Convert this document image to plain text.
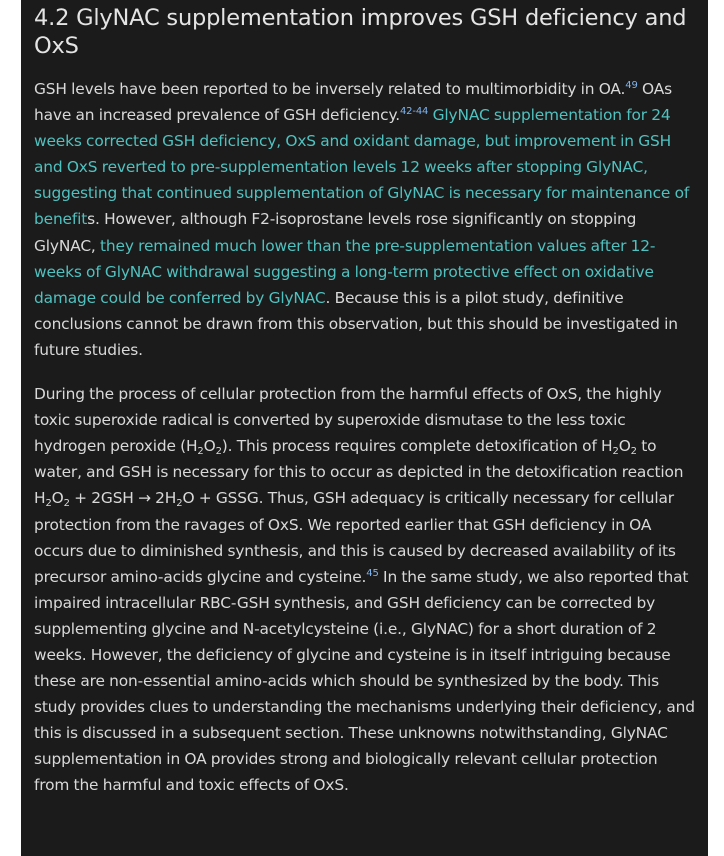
4.2 GlyNAC supplementation improves GSH deficiency and OxS

GSH levels have been reported to be inversely related to multimorbidity in OA.$^{49}$ OAs have an increased prevalence of GSH deficiency.$^{42-44}$ GlyNAC supplementation for 24 weeks corrected GSH deficiency, OxS and oxidant damage, but improvement in GSH and OxS reverted to pre-supplementation levels 12 weeks after stopping GlyNAC, suggesting that continued supplementation of GlyNAC is necessary for maintenance of benefits. However, although F2-isoprostane levels rose significantly on stopping GlyNAC, they remained much lower than the pre-supplementation values after 12-weeks of GlyNAC withdrawal suggesting a long-term protective effect on oxidative damage could be conferred by GlyNAC. Because this is a pilot study, definitive conclusions cannot be drawn from this observation, but this should be investigated in future studies.

During the process of cellular protection from the harmful effects of OxS, the highly toxic superoxide radical is converted by superoxide dismutase to the less toxic hydrogen peroxide $(H_2O_2)$. This process requires complete detoxification of $H_2O_2$ to water, and GSH is necessary for this to occur as depicted in the detoxification reaction $H_2O_2 + 2GSH \to 2H_2O$ + GSSG. Thus, GSH adequacy is critically necessary for cellular protection from the ravages of OxS. We reported earlier that GSH deficiency in OA occurs due to diminished synthesis, and this is caused by decreased availability of its precursor amino-acids glycine and cysteine.$^{45}$ In the same study, we also reported that impaired intracellular RBC-GSH synthesis, and GSH deficiency can be corrected by supplementing glycine and N-acetylcysteine (i.e., GlyNAC) for a short duration of 2 weeks. However, the deficiency of glycine and cysteine is in itself intriguing because these are non-essential amino-acids which should be synthesized by the body. This study provides clues to understanding the mechanisms underlying their deficiency, and this is discussed in a subsequent section. These unknowns notwithstanding, GlyNAC supplementation in OA provides strong and biologically relevant cellular protection from the harmful and toxic effects of OxS.
